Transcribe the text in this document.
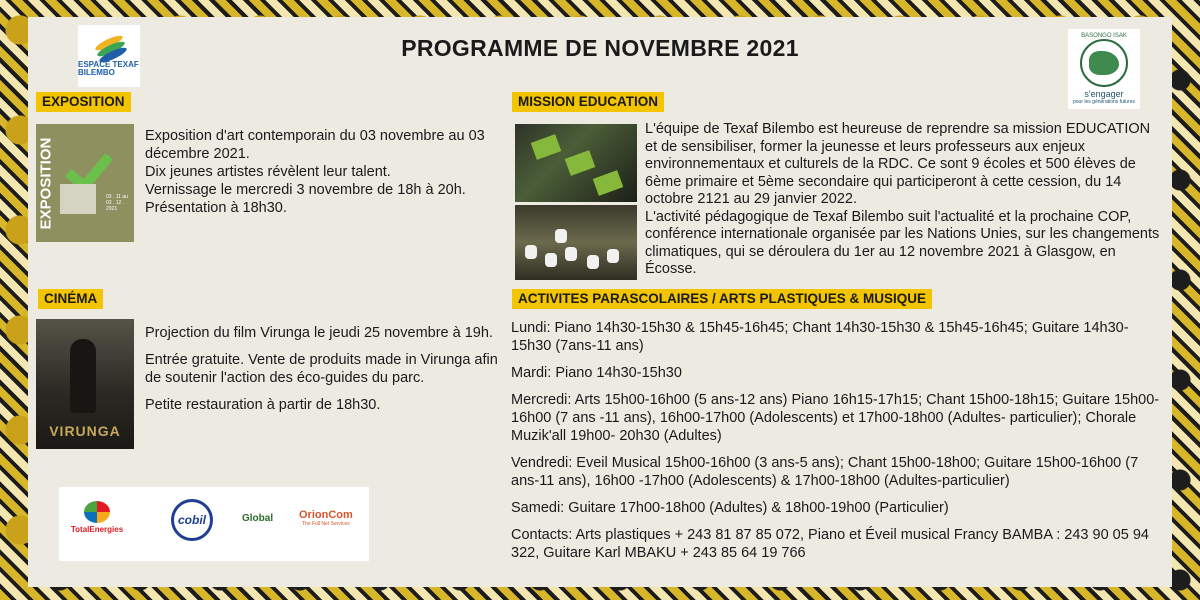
ESPACE TEXAF BILEMBO
PROGRAMME DE NOVEMBRE 2021	BASONGO ISAK
s'engager
pour les générations futures
EXPOSITION
EXPOSITION	03 . 11 au 03 . 12 . 2021
Exposition d'art contemporain du 03 novembre au 03 décembre 2021.
Dix jeunes artistes révèlent leur talent.
Vernissage le mercredi 3 novembre de 18h à 20h.
Présentation à 18h30.
CINÉMA
VIRUNGA
Projection du film Virunga le jeudi 25 novembre à 19h.
Entrée gratuite. Vente de produits made in Virunga afin de soutenir l'action des éco-guides du parc.
Petite restauration à partir de 18h30.
MISSION EDUCATION
L'équipe de Texaf Bilembo est heureuse de reprendre sa mission EDUCATION et de sensibiliser, former la jeunesse et leurs professeurs aux enjeux environnementaux et culturels de la RDC. Ce sont 9 écoles et 500 élèves de 6ème primaire et 5ème secondaire qui participeront à cette cession, du 14 octobre 2121 au 29 janvier 2022.
L'activité pédagogique de Texaf Bilembo suit l'actualité et la prochaine COP, conférence internationale organisée par les Nations Unies, sur les changements climatiques, qui se déroulera du 1er au 12 novembre 2021 à Glasgow, en Écosse.
ACTIVITES PARASCOLAIRES / ARTS PLASTIQUES & MUSIQUE
Lundi: Piano 14h30-15h30 & 15h45-16h45; Chant 14h30-15h30 & 15h45-16h45; Guitare 14h30-15h30 (7ans-11 ans)
Mardi: Piano 14h30-15h30
Mercredi: Arts 15h00-16h00 (5 ans-12 ans) Piano 16h15-17h15; Chant 15h00-18h15; Guitare 15h00-16h00 (7 ans -11 ans), 16h00-17h00 (Adolescents) et 17h00-18h00 (Adultes- particulier); Chorale Muzik'all 19h00- 20h30 (Adultes)
Vendredi: Eveil Musical 15h00-16h00 (3 ans-5 ans); Chant 15h00-18h00; Guitare 15h00-16h00 (7 ans-11 ans), 16h00 -17h00 (Adolescents) & 17h00-18h00 (Adultes-particulier)
Samedi: Guitare 17h00-18h00 (Adultes) & 18h00-19h00 (Particulier)
Contacts: Arts plastiques + 243 81 87 85 072, Piano et Éveil musical Francy BAMBA : 243 90 05 94 322, Guitare Karl MBAKU + 243 85 64 19 766
TotalEnergies
cobil	Global OrionCom
The Full Net Services
